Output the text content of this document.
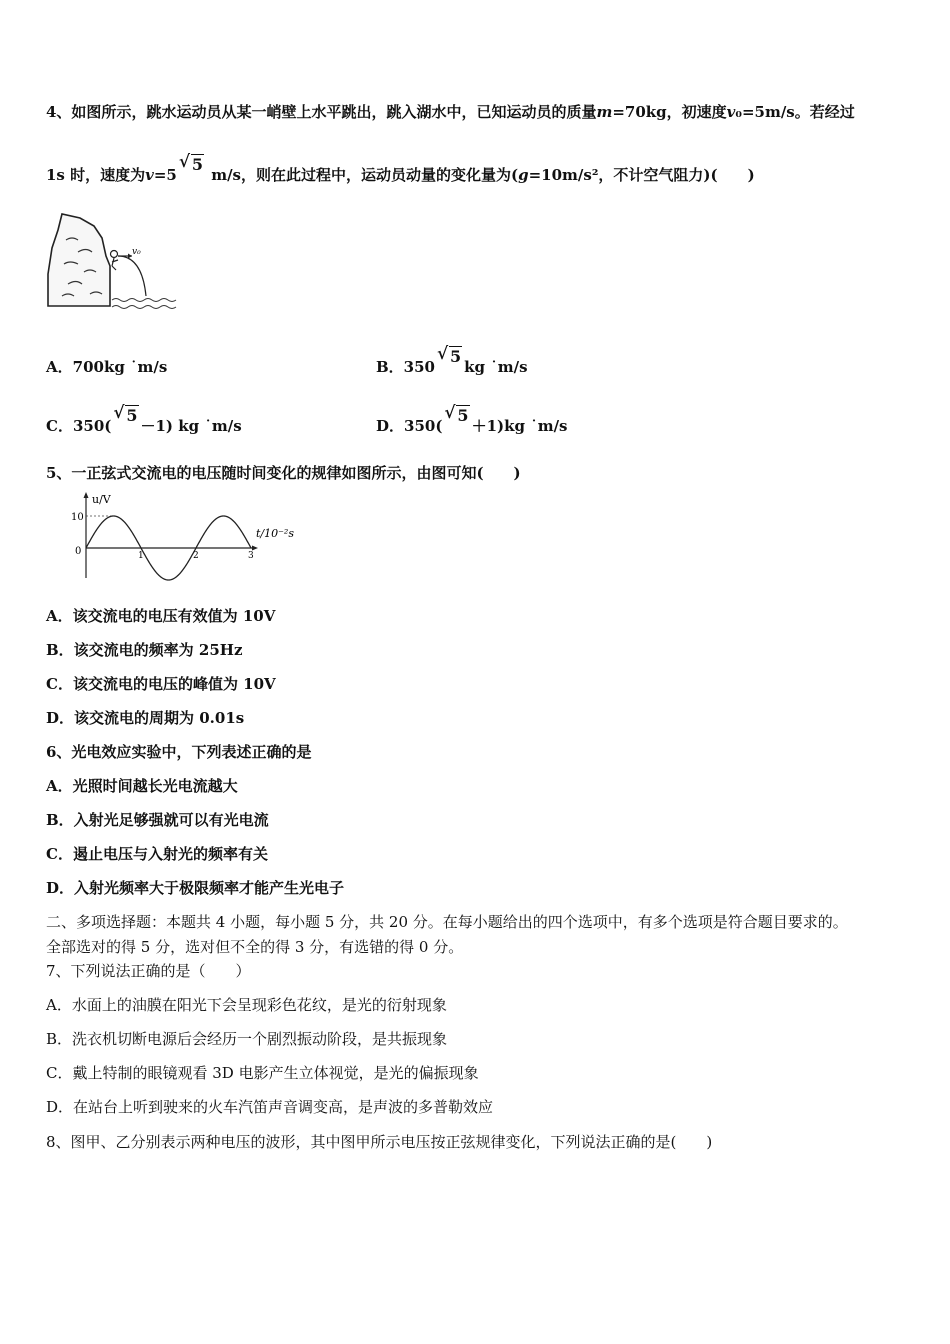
4、如图所示，跳水运动员从某一峭壁上水平跳出，跳入湖水中，已知运动员的质量m=70kg，初速度v₀=5m/s。若经过
1s 时，速度为v=5√ 5 m/s，则在此过程中，运动员动量的变化量为(g=10m/s²，不计空气阻力)(　　)
v₀
A．700kg ˙m/s	B．350√ 5kg ˙m/s
C．350(√ 5－1) kg ˙m/s	D．350(√ 5＋1)kg ˙m/s
5、一正弦式交流电的电压随时间变化的规律如图所示，由图可知(　　)
u/V
t/10⁻²s
10
0	1	2	3
A．该交流电的电压有效值为 10V
B．该交流电的频率为 25Hz
C．该交流电的电压的峰值为 10V
D．该交流电的周期为 0.01s
6、光电效应实验中，下列表述正确的是
A．光照时间越长光电流越大
B．入射光足够强就可以有光电流
C．遏止电压与入射光的频率有关
D．入射光频率大于极限频率才能产生光电子
二、多项选择题：本题共 4 小题，每小题 5 分，共 20 分。在每小题给出的四个选项中，有多个选项是符合题目要求的。
全部选对的得 5 分，选对但不全的得 3 分，有选错的得 0 分。
7、下列说法正确的是（　　）
A．水面上的油膜在阳光下会呈现彩色花纹，是光的衍射现象
B．洗衣机切断电源后会经历一个剧烈振动阶段，是共振现象
C．戴上特制的眼镜观看 3D 电影产生立体视觉，是光的偏振现象
D．在站台上听到驶来的火车汽笛声音调变高，是声波的多普勒效应
8、图甲、乙分别表示两种电压的波形，其中图甲所示电压按正弦规律变化，下列说法正确的是(　　)
